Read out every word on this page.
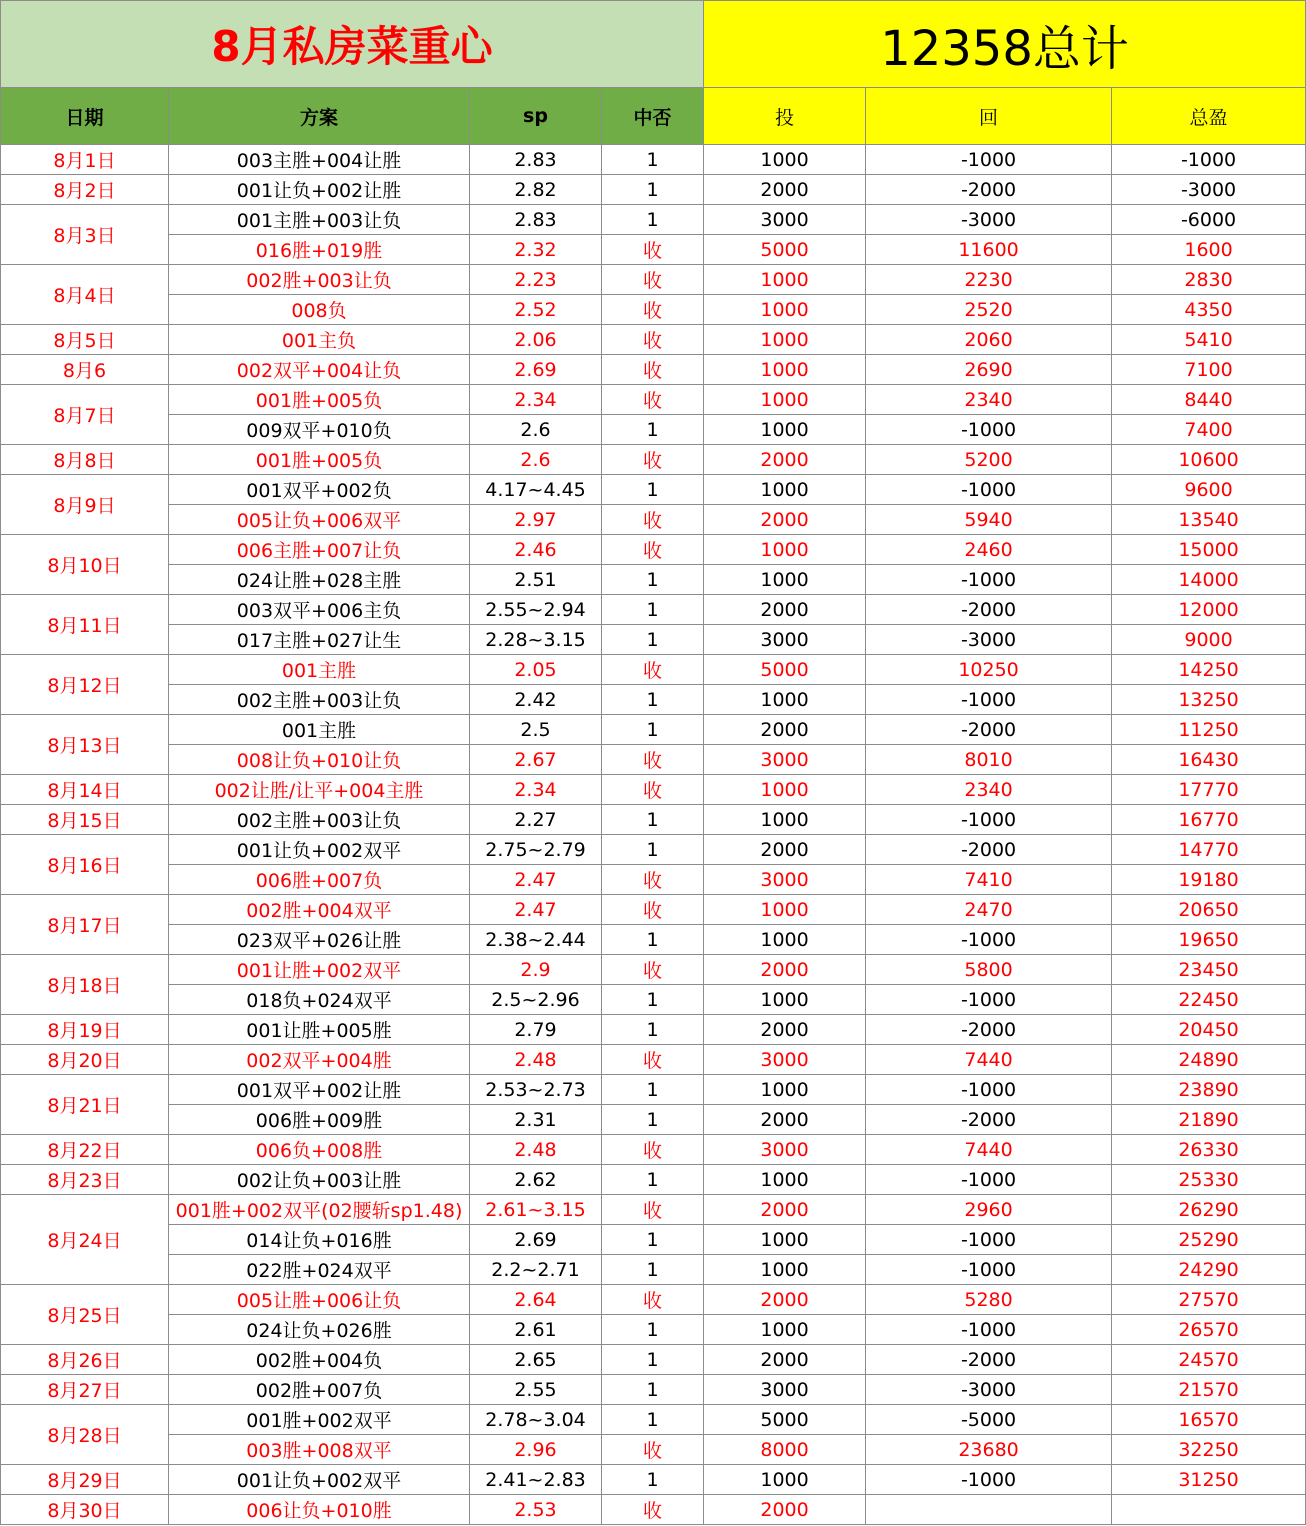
8月私房菜重心				12358总计		
日期	方案	sp	中否	投	回	总盈
8月1日	003主胜+004让胜	2.83	1	1000	-1000	-1000
8月2日	001让负+002让胜	2.82	1	2000	-2000	-3000
8月3日	001主胜+003让负	2.83	1	3000	-3000	-6000
	016胜+019胜	2.32	收	5000	11600	1600
8月4日	002胜+003让负	2.23	收	1000	2230	2830
	008负	2.52	收	1000	2520	4350
8月5日	001主负	2.06	收	1000	2060	5410
8月6	002双平+004让负	2.69	收	1000	2690	7100
8月7日	001胜+005负	2.34	收	1000	2340	8440
	009双平+010负	2.6	1	1000	-1000	7400
8月8日	001胜+005负	2.6	收	2000	5200	10600
8月9日	001双平+002负	4.17~4.45	1	1000	-1000	9600
	005让负+006双平	2.97	收	2000	5940	13540
8月10日	006主胜+007让负	2.46	收	1000	2460	15000
	024让胜+028主胜	2.51	1	1000	-1000	14000
8月11日	003双平+006主负	2.55~2.94	1	2000	-2000	12000
	017主胜+027让生	2.28~3.15	1	3000	-3000	9000
8月12日	001主胜	2.05	收	5000	10250	14250
	002主胜+003让负	2.42	1	1000	-1000	13250
8月13日	001主胜	2.5	1	2000	-2000	11250
	008让负+010让负	2.67	收	3000	8010	16430
8月14日	002让胜/让平+004主胜	2.34	收	1000	2340	17770
8月15日	002主胜+003让负	2.27	1	1000	-1000	16770
8月16日	001让负+002双平	2.75~2.79	1	2000	-2000	14770
	006胜+007负	2.47	收	3000	7410	19180
8月17日	002胜+004双平	2.47	收	1000	2470	20650
	023双平+026让胜	2.38~2.44	1	1000	-1000	19650
8月18日	001让胜+002双平	2.9	收	2000	5800	23450
	018负+024双平	2.5~2.96	1	1000	-1000	22450
8月19日	001让胜+005胜	2.79	1	2000	-2000	20450
8月20日	002双平+004胜	2.48	收	3000	7440	24890
8月21日	001双平+002让胜	2.53~2.73	1	1000	-1000	23890
	006胜+009胜	2.31	1	2000	-2000	21890
8月22日	006负+008胜	2.48	收	3000	7440	26330
8月23日	002让负+003让胜	2.62	1	1000	-1000	25330
8月24日	001胜+002双平(02腰斩sp1.48)	2.61~3.15	收	2000	2960	26290
	014让负+016胜	2.69	1	1000	-1000	25290
	022胜+024双平	2.2~2.71	1	1000	-1000	24290
8月25日	005让胜+006让负	2.64	收	2000	5280	27570
	024让负+026胜	2.61	1	1000	-1000	26570
8月26日	002胜+004负	2.65	1	2000	-2000	24570
8月27日	002胜+007负	2.55	1	3000	-3000	21570
8月28日	001胜+002双平	2.78~3.04	1	5000	-5000	16570
	003胜+008双平	2.96	收	8000	23680	32250
8月29日	001让负+002双平	2.41~2.83	1	1000	-1000	31250
8月30日	006让负+010胜	2.53	收	2000		
